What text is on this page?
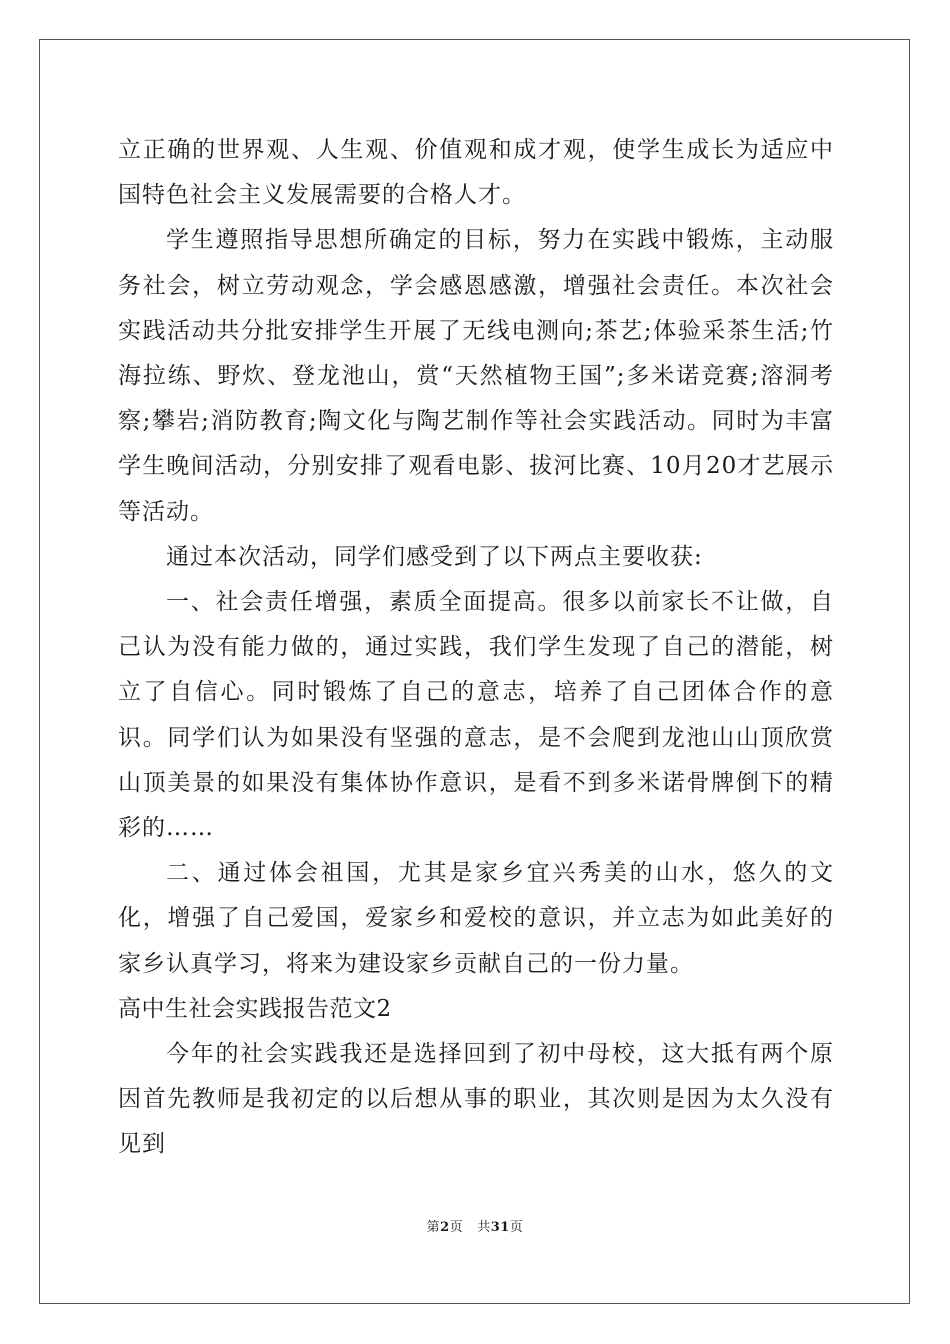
立正确的世界观、人生观、价值观和成才观，使学生成长为适应中国特色社会主义发展需要的合格人才。

学生遵照指导思想所确定的目标，努力在实践中锻炼，主动服务社会，树立劳动观念，学会感恩感激，增强社会责任。本次社会实践活动共分批安排学生开展了无线电测向;茶艺;体验采茶生活;竹海拉练、野炊、登龙池山，赏“天然植物王国”;多米诺竞赛;溶洞考察;攀岩;消防教育;陶文化与陶艺制作等社会实践活动。同时为丰富学生晚间活动，分别安排了观看电影、拔河比赛、10月20才艺展示等活动。

通过本次活动，同学们感受到了以下两点主要收获:

一、社会责任增强，素质全面提高。很多以前家长不让做，自己认为没有能力做的，通过实践，我们学生发现了自己的潜能，树立了自信心。同时锻炼了自己的意志，培养了自己团体合作的意识。同学们认为如果没有坚强的意志，是不会爬到龙池山山顶欣赏山顶美景的如果没有集体协作意识，是看不到多米诺骨牌倒下的精彩的……

二、通过体会祖国，尤其是家乡宜兴秀美的山水，悠久的文化，增强了自己爱国，爱家乡和爱校的意识，并立志为如此美好的家乡认真学习，将来为建设家乡贡献自己的一份力量。

高中生社会实践报告范文2

今年的社会实践我还是选择回到了初中母校，这大抵有两个原因首先教师是我初定的以后想从事的职业，其次则是因为太久没有见到

第2页 共31页
